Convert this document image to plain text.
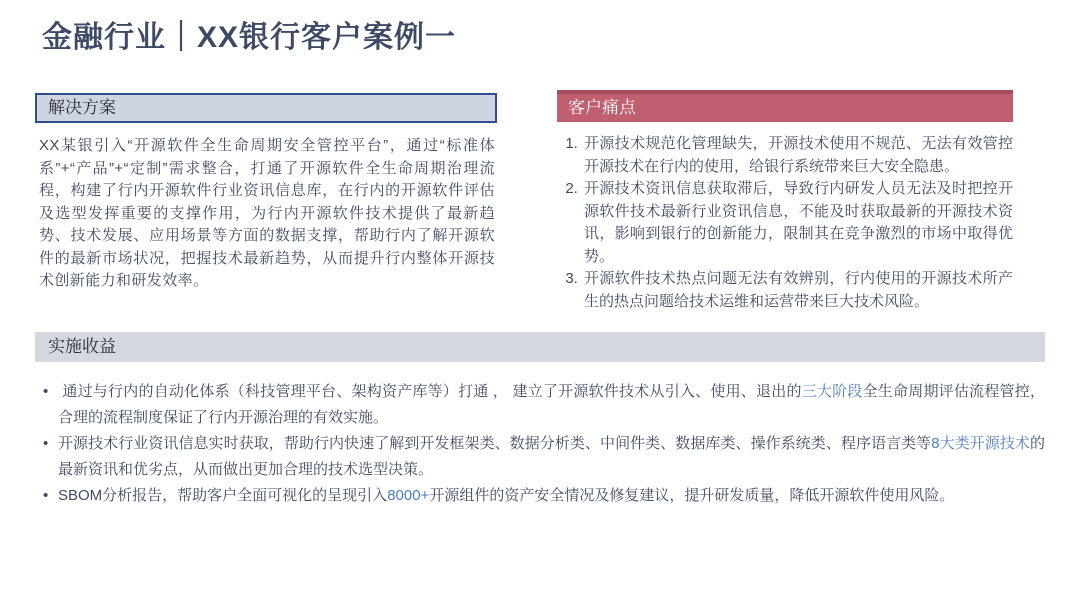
金融行业｜XX银行客户案例一
解决方案

XX某银引入“开源软件全生命周期安全管控平台”，通过“标准体系”+“产品”+“定制”需求整合，打通了开源软件全生命周期治理流程，构建了行内开源软件行业资讯信息库，在行内的开源软件评估及选型发挥重要的支撑作用，为行内开源软件技术提供了最新趋势、技术发展、应用场景等方面的数据支撑，帮助行内了解开源软件的最新市场状况，把握技术最新趋势，从而提升行内整体开源技术创新能力和研发效率。

客户痛点
1. 开源技术规范化管理缺失，开源技术使用不规范、无法有效管控开源技术在行内的使用，给银行系统带来巨大安全隐患。
2. 开源技术资讯信息获取滞后，导致行内研发人员无法及时把控开源软件技术最新行业资讯信息，不能及时获取最新的开源技术资讯，影响到银行的创新能力，限制其在竞争激烈的市场中取得优势。
3. 开源软件技术热点问题无法有效辨别，行内使用的开源技术所产生的热点问题给技术运维和运营带来巨大技术风险。
实施收益
•  通过与行内的自动化体系（科技管理平台、架构资产库等）打通 ， 建立了开源软件技术从引入、使用、退出的三大阶段全生命周期评估流程管控，合理的流程制度保证了行内开源治理的有效实施。
• 开源技术行业资讯信息实时获取，帮助行内快速了解到开发框架类、数据分析类、中间件类、数据库类、操作系统类、程序语言类等8大类开源技术的最新资讯和优劣点，从而做出更加合理的技术选型决策。
• SBOM分析报告，帮助客户全面可视化的呈现引入8000+开源组件的资产安全情况及修复建议，提升研发质量，降低开源软件使用风险。
